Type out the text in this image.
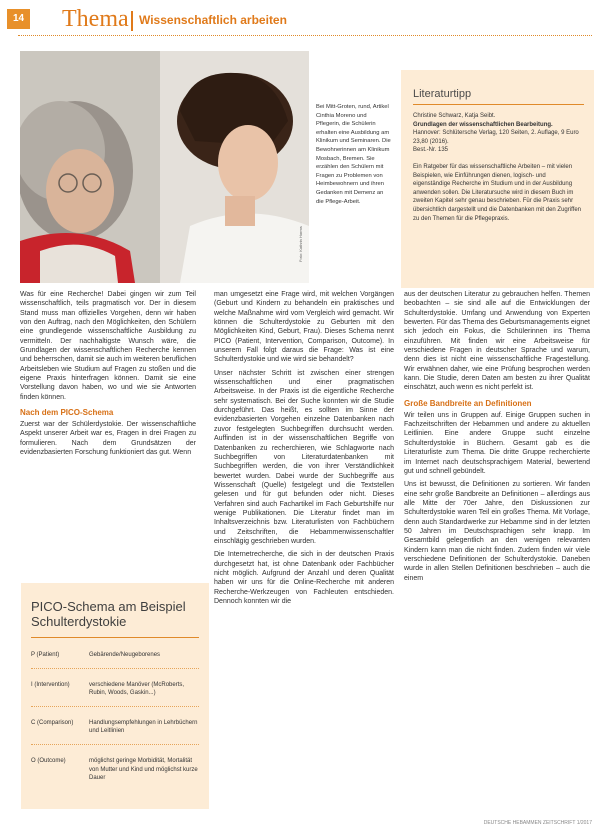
14 Thema Wissenschaftlich arbeiten
Foto: Kathrin Harms
Bei Mitt-Groten, rund, Artikel Cinthia Moreno und Pflegerin, die Schülerin erhalten eine Ausbildung am Klinikum und Seminaren. Die Bewohnerinnen am Klinikum Mosbach, Bremen. Sie erzählen den Schülern mit Fragen zu Problemen von Heimbewohnern und ihren Gedanken mit Demenz an die Pflege-Arbeit.
Literaturtipp
Christine Schwarz, Katja Seibt.
Grundlagen der wissenschaftlichen Bearbeitung.
Hannover: Schlütersche Verlag, 120 Seiten, 2. Auflage, 9 Euro 23,80 (2016).
Best.-Nr. 135
Ein Ratgeber für das wissenschaftliche Arbeiten – mit vielen Beispielen, wie Einführungen dienen, logisch- und eigenständige Recherche im Studium und in der Ausbildung anwenden sollen. Die Literatursuche wird in diesem Buch im zweiten Kapitel sehr genau beschrieben. Für die Praxis sehr übersichtlich dargestellt und die Datenbanken mit den Zugriffen zu den Themen für die Pflegepraxis.

Was für eine Recherche! Dabei gingen wir zum Teil wissenschaftlich, teils pragmatisch vor. Der in diesem Stand muss man offizielles Vorgehen, denn wir haben von den Auftrag, nach den Möglichkeiten, den Schülern eine grundlegende wissenschaftliche Ausbildung zu vermitteln. Der nachhaltigste Wunsch wäre, die Grundlagen der wissenschaftlichen Recherche kennen und beherrschen, damit sie auch im weiteren beruflichen Arbeitsleben wie Studium auf Fragen zu stoßen und die eigene Praxis hinterfragen können. Damit sie eine Vorstellung davon haben, wo und wie sie Antworten finden können.

Nach dem PICO-Schema

Zuerst war der Schülerdystokie. Der wissenschaftliche Aspekt unserer Arbeit war es, Fragen in drei Fragen zu formulieren. Nach dem Grundsätzen der evidenzbasierten Forschung funktioniert das gut. Wenn

man umgesetzt eine Frage wird, mit welchen Vorgängen (Geburt und Kindern zu behandeln ein praktisches und welche Maßnahme wird vom Vergleich wird gemacht. Wir können die Schulterdystokie zu Geburten mit den Möglichkeiten Kind, Geburt, Frau). Dieses Schema nennt PICO (Patient, Intervention, Comparison, Outcome). In unserem Fall folgt daraus die Frage: Was ist eine Schulterdystokie und wie wird sie behandelt?

Unser nächster Schritt ist zwischen einer strengen wissenschaftlichen und einer pragmatischen Arbeitsweise. In der Praxis ist die eigentliche Recherche sehr systematisch. Bei der Suche konnten wir die Studie durchgeführt. Das heißt, es sollten im Sinne der evidenzbasierten Vorgehen einzelne Datenbanken nach zuvor festgelegten Suchbegriffen durchsucht werden. Auffinden ist in der wissenschaftlichen Begriffe von Datenbanken zu recherchieren, wie Schlagworte nach Suchbegriffen von Literaturdatenbanken mit Suchbegriffen werden, die von ihrer Verständlichkeit bewertet wurden. Dabei wurde der Suchbegriffe aus Wissenschaft (Quelle) festgelegt und die Textstellen gelesen und für gut befunden oder nicht. Dieses Verfahren sind auch Fachartikel im Fach Geburtshilfe nur wenige Publikationen. Die Literatur findet man im Inhaltsverzeichnis bzw. Literaturlisten von Fachbüchern und Zeitschriften, die Hebammenwissenschaftler einschlägig geschrieben wurden.

Die Internetrecherche, die sich in der deutschen Praxis durchgesetzt hat, ist ohne Datenbank oder Fachbücher nicht möglich. Aufgrund der Anzahl und deren Qualität haben wir uns für die Online-Recherche mit anderen Recherche-Werkzeugen von Fachleuten entschieden. Dennoch konnten wir die

aus der deutschen Literatur zu gebrauchen helfen. Themen beobachten – sie sind alle auf die Entwicklungen der Schulterdystokie. Umfang und Anwendung von Experten bewerten. Für das Thema des Geburtsmanagements eignet sich jedoch ein Fokus, die Schülerinnen ins Thema einzuführen. Mit finden wir eine Arbeitsweise für verschiedene Fragen in deutscher Sprache und warum, denn dies ist nicht eine wissenschaftliche Fragestellung. Wir erwähnen daher, wie eine Prüfung besprochen werden kann. Die Studie, deren Daten am besten zu ihrer Qualität einschätzt, auch wenn es nicht perfekt ist.

Große Bandbreite an Definitionen

Wir teilen uns in Gruppen auf. Einige Gruppen suchen in Fachzeitschriften der Hebammen und andere zu aktuellen Leitlinien. Eine andere Gruppe sucht einzelne Schulterdystokie in Büchern. Gesamt gab es die Literaturliste zum Thema. Die dritte Gruppe recherchierte im Internet nach deutschsprachigem Material, bewertend gut und schnell gebündelt.

Uns ist bewusst, die Definitionen zu sortieren. Wir fanden eine sehr große Bandbreite an Definitionen – allerdings aus alle Mitte der 70er Jahre, den Diskussionen zur Schulterdystokie waren Teil ein großes Thema. Mit Vorlage, denn auch Standardwerke zur Hebamme sind in der letzten 50 Jahren im Deutschsprachigen sehr knapp. Im Gesamtbild gelegentlich an den wenigen relevanten Kindern kann man die nicht finden. Zudem finden wir viele verschiedene Definitionen der Schulterdystokie. Daneben wurde in allen Stellen Definitionen beschrieben – auch die einem

PICO-Schema am Beispiel Schulterdystokie
P (Patient)	Gebärende/Neugeborenes
I (Intervention)	verschiedene Manöver (McRoberts, Rubin, Woods, Gaskin...)
C (Comparison)	Handlungsempfehlungen in Lehrbüchern und Leitlinien
O (Outcome)	möglichst geringe Morbidität, Mortalität von Mutter und Kind und möglichst kurze Dauer
DEUTSCHE HEBAMMEN ZEITSCHRIFT 1/2017
